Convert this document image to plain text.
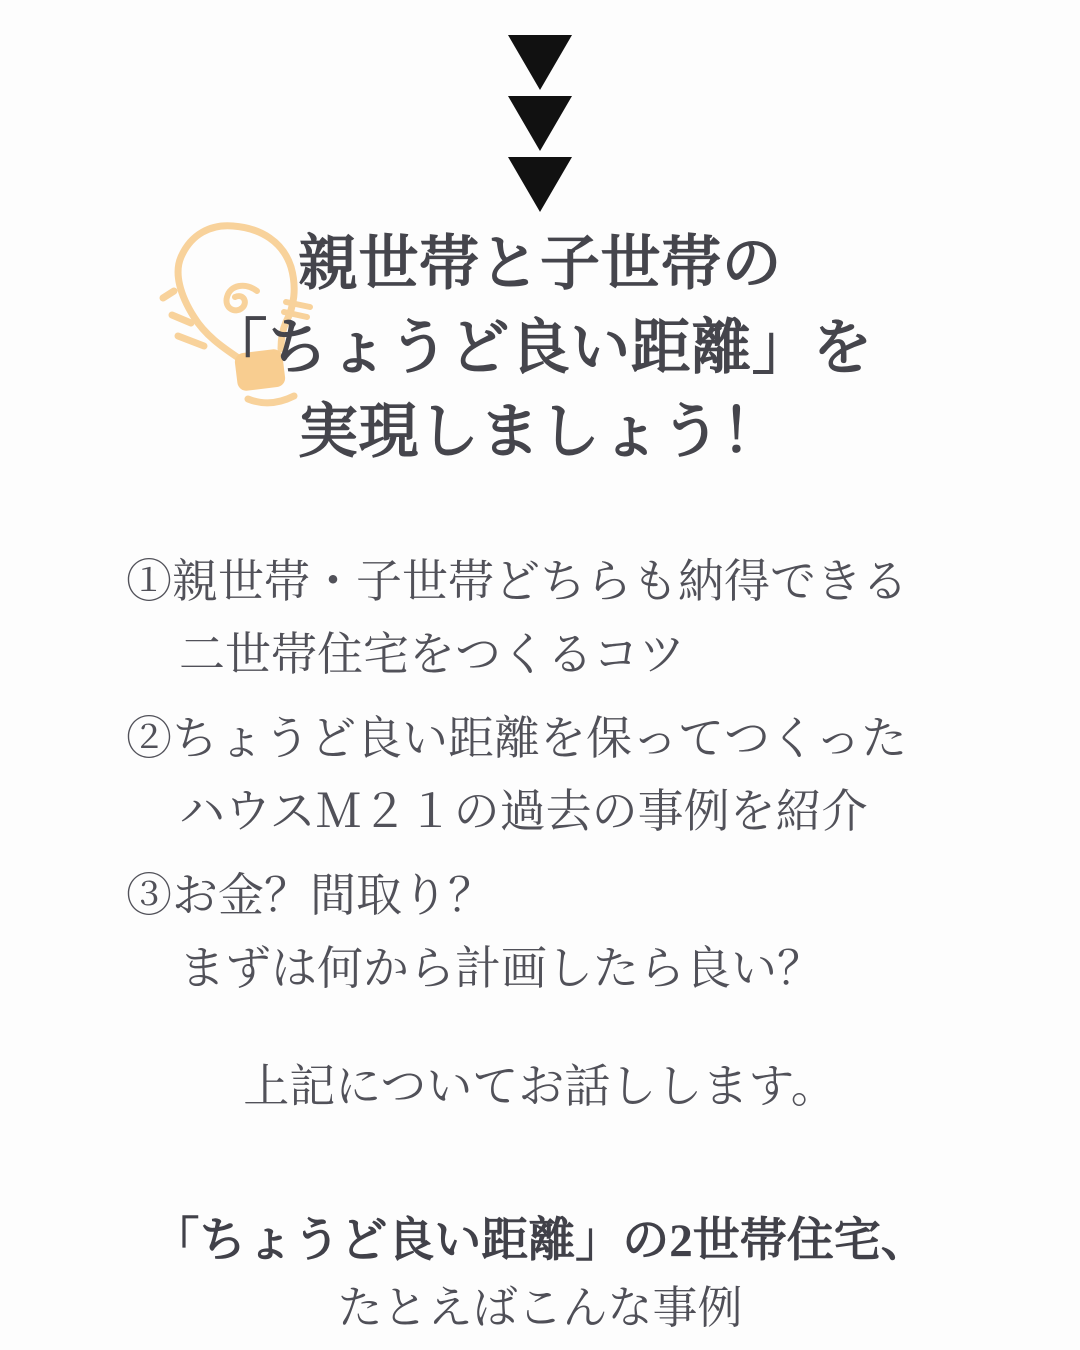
親世帯と子世帯の
「ちょうど良い距離」を
実現しましょう！
①親世帯・子世帯どちらも納得できる
二世帯住宅をつくるコツ
②ちょうど良い距離を保ってつくった
ハウスＭ２１の過去の事例を紹介
③お金？間取り？
まずは何から計画したら良い？
上記についてお話しします。
「ちょうど良い距離」の2世帯住宅、
たとえばこんな事例
